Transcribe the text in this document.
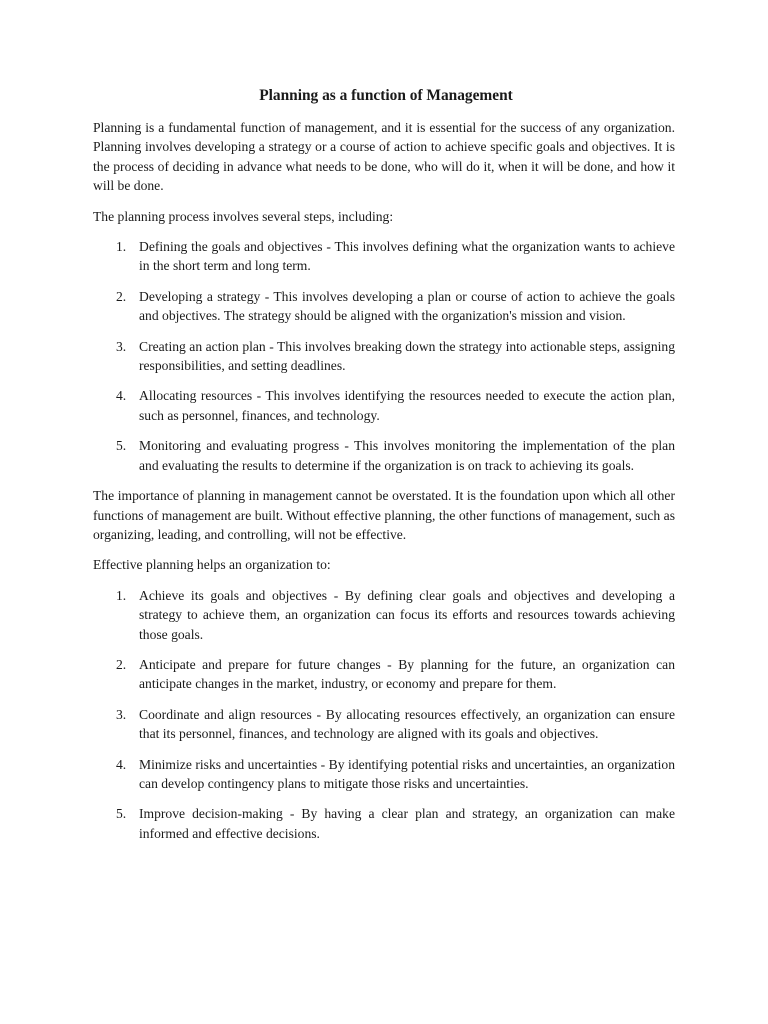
Planning as a function of Management

Planning is a fundamental function of management, and it is essential for the success of any organization. Planning involves developing a strategy or a course of action to achieve specific goals and objectives. It is the process of deciding in advance what needs to be done, who will do it, when it will be done, and how it will be done.

The planning process involves several steps, including:

1. Defining the goals and objectives - This involves defining what the organization wants to achieve in the short term and long term.
2. Developing a strategy - This involves developing a plan or course of action to achieve the goals and objectives. The strategy should be aligned with the organization's mission and vision.
3. Creating an action plan - This involves breaking down the strategy into actionable steps, assigning responsibilities, and setting deadlines.
4. Allocating resources - This involves identifying the resources needed to execute the action plan, such as personnel, finances, and technology.
5. Monitoring and evaluating progress - This involves monitoring the implementation of the plan and evaluating the results to determine if the organization is on track to achieving its goals.

The importance of planning in management cannot be overstated. It is the foundation upon which all other functions of management are built. Without effective planning, the other functions of management, such as organizing, leading, and controlling, will not be effective.

Effective planning helps an organization to:

1. Achieve its goals and objectives - By defining clear goals and objectives and developing a strategy to achieve them, an organization can focus its efforts and resources towards achieving those goals.
2. Anticipate and prepare for future changes - By planning for the future, an organization can anticipate changes in the market, industry, or economy and prepare for them.
3. Coordinate and align resources - By allocating resources effectively, an organization can ensure that its personnel, finances, and technology are aligned with its goals and objectives.
4. Minimize risks and uncertainties - By identifying potential risks and uncertainties, an organization can develop contingency plans to mitigate those risks and uncertainties.
5. Improve decision-making - By having a clear plan and strategy, an organization can make informed and effective decisions.
